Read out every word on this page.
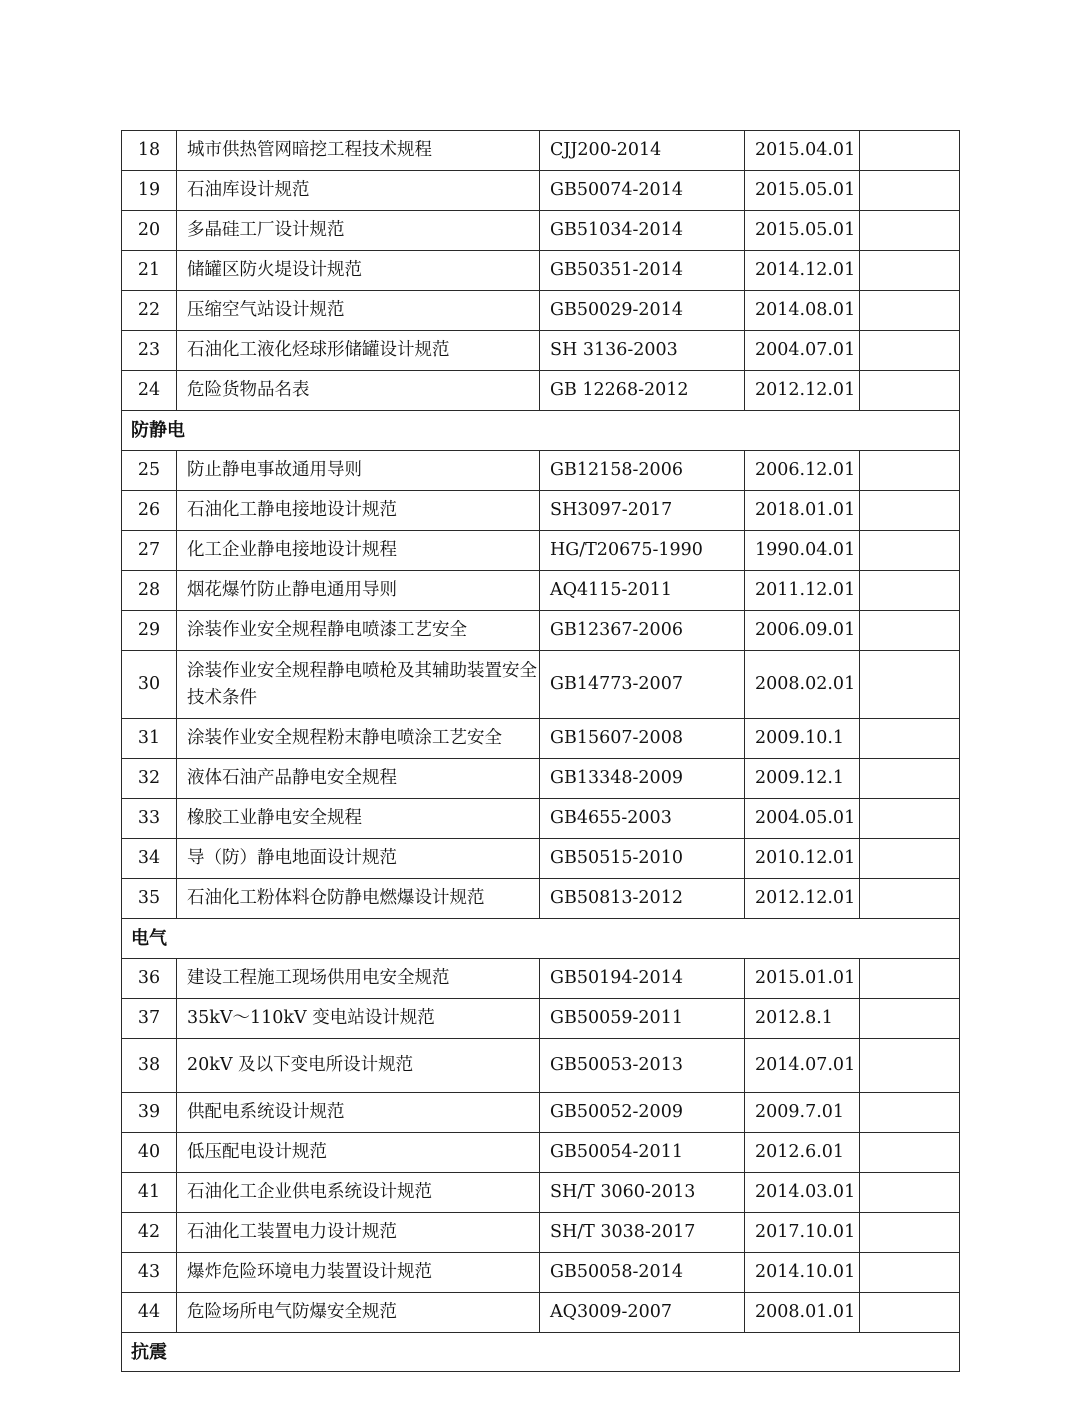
18	城市供热管网暗挖工程技术规程	CJJ200-2014	2015.04.01	
19	石油库设计规范	GB50074-2014	2015.05.01	
20	多晶硅工厂设计规范	GB51034-2014	2015.05.01	
21	储罐区防火堤设计规范	GB50351-2014	2014.12.01	
22	压缩空气站设计规范	GB50029-2014	2014.08.01	
23	石油化工液化烃球形储罐设计规范	SH 3136-2003	2004.07.01	
24	危险货物品名表	GB 12268-2012	2012.12.01	
防静电				
25	防止静电事故通用导则	GB12158-2006	2006.12.01	
26	石油化工静电接地设计规范	SH3097-2017	2018.01.01	
27	化工企业静电接地设计规程	HG/T20675-1990	1990.04.01	
28	烟花爆竹防止静电通用导则	AQ4115-2011	2011.12.01	
29	涂装作业安全规程静电喷漆工艺安全	GB12367-2006	2006.09.01	
30	涂装作业安全规程静电喷枪及其辅助装置安全技术条件	GB14773-2007	2008.02.01	
31	涂装作业安全规程粉末静电喷涂工艺安全	GB15607-2008	2009.10.1	
32	液体石油产品静电安全规程	GB13348-2009	2009.12.1	
33	橡胶工业静电安全规程	GB4655-2003	2004.05.01	
34	导（防）静电地面设计规范	GB50515-2010	2010.12.01	
35	石油化工粉体料仓防静电燃爆设计规范	GB50813-2012	2012.12.01	
电气				
36	建设工程施工现场供用电安全规范	GB50194-2014	2015.01.01	
37	35kV～110kV 变电站设计规范	GB50059-2011	2012.8.1	
38	20kV 及以下变电所设计规范	GB50053-2013	2014.07.01	
39	供配电系统设计规范	GB50052-2009	2009.7.01	
40	低压配电设计规范	GB50054-2011	2012.6.01	
41	石油化工企业供电系统设计规范	SH/T 3060-2013	2014.03.01	
42	石油化工装置电力设计规范	SH/T 3038-2017	2017.10.01	
43	爆炸危险环境电力装置设计规范	GB50058-2014	2014.10.01	
44	危险场所电气防爆安全规范	AQ3009-2007	2008.01.01	
抗震				
